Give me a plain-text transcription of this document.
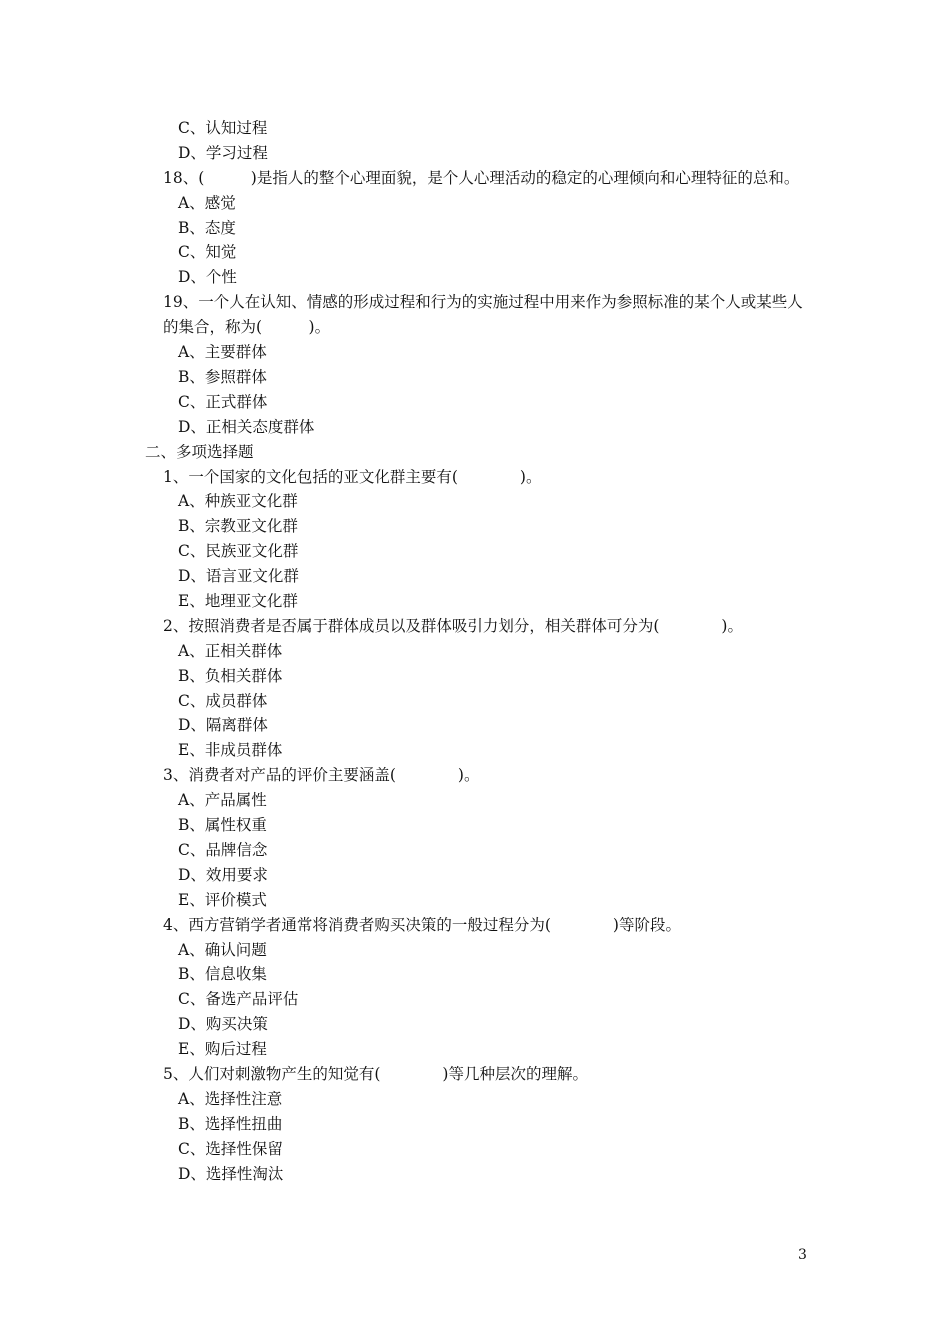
C、认知过程
D、学习过程
18、(　　　)是指人的整个心理面貌，是个人心理活动的稳定的心理倾向和心理特征的总和。
A、感觉
B、态度
C、知觉
D、个性
19、一个人在认知、情感的形成过程和行为的实施过程中用来作为参照标准的某个人或某些人的集合，称为(　　　)。
A、主要群体
B、参照群体
C、正式群体
D、正相关态度群体
二、多项选择题
1、一个国家的文化包括的亚文化群主要有(　　　　)。
A、种族亚文化群
B、宗教亚文化群
C、民族亚文化群
D、语言亚文化群
E、地理亚文化群
2、按照消费者是否属于群体成员以及群体吸引力划分，相关群体可分为(　　　　)。
A、正相关群体
B、负相关群体
C、成员群体
D、隔离群体
E、非成员群体
3、消费者对产品的评价主要涵盖(　　　　)。
A、产品属性
B、属性权重
C、品牌信念
D、效用要求
E、评价模式
4、西方营销学者通常将消费者购买决策的一般过程分为(　　　　)等阶段。
A、确认问题
B、信息收集
C、备选产品评估
D、购买决策
E、购后过程
5、人们对刺激物产生的知觉有(　　　　)等几种层次的理解。
A、选择性注意
B、选择性扭曲
C、选择性保留
D、选择性淘汰
3
